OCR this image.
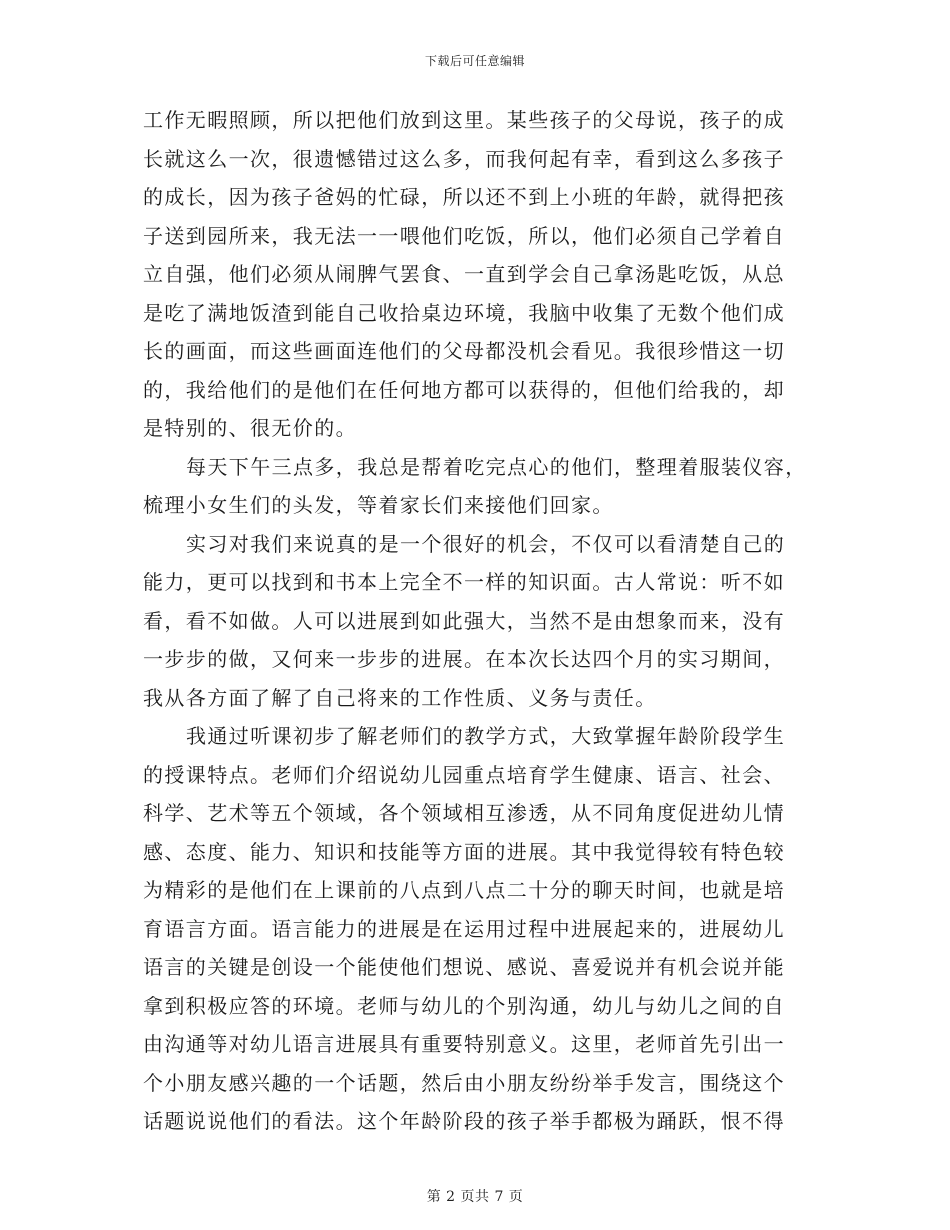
下载后可任意编辑
工作无暇照顾，所以把他们放到这里。某些孩子的父母说，孩子的成
长就这么一次，很遗憾错过这么多，而我何起有幸，看到这么多孩子
的成长，因为孩子爸妈的忙碌，所以还不到上小班的年龄，就得把孩
子送到园所来，我无法一一喂他们吃饭，所以，他们必须自己学着自
立自强，他们必须从闹脾气罢食、一直到学会自己拿汤匙吃饭，从总
是吃了满地饭渣到能自己收拾桌边环境，我脑中收集了无数个他们成
长的画面，而这些画面连他们的父母都没机会看见。我很珍惜这一切
的，我给他们的是他们在任何地方都可以获得的，但他们给我的，却
是特别的、很无价的。
每天下午三点多，我总是帮着吃完点心的他们，整理着服装仪容，
梳理小女生们的头发，等着家长们来接他们回家。
实习对我们来说真的是一个很好的机会，不仅可以看清楚自己的
能力，更可以找到和书本上完全不一样的知识面。古人常说：听不如
看，看不如做。人可以进展到如此强大，当然不是由想象而来，没有
一步步的做，又何来一步步的进展。在本次长达四个月的实习期间，
我从各方面了解了自己将来的工作性质、义务与责任。
我通过听课初步了解老师们的教学方式，大致掌握年龄阶段学生
的授课特点。老师们介绍说幼儿园重点培育学生健康、语言、社会、
科学、艺术等五个领域，各个领域相互渗透，从不同角度促进幼儿情
感、态度、能力、知识和技能等方面的进展。其中我觉得较有特色较
为精彩的是他们在上课前的八点到八点二十分的聊天时间，也就是培
育语言方面。语言能力的进展是在运用过程中进展起来的，进展幼儿
语言的关键是创设一个能使他们想说、感说、喜爱说并有机会说并能
拿到积极应答的环境。老师与幼儿的个别沟通，幼儿与幼儿之间的自
由沟通等对幼儿语言进展具有重要特别意义。这里，老师首先引出一
个小朋友感兴趣的一个话题，然后由小朋友纷纷举手发言，围绕这个
话题说说他们的看法。这个年龄阶段的孩子举手都极为踊跃，恨不得
第 2 页共 7 页
